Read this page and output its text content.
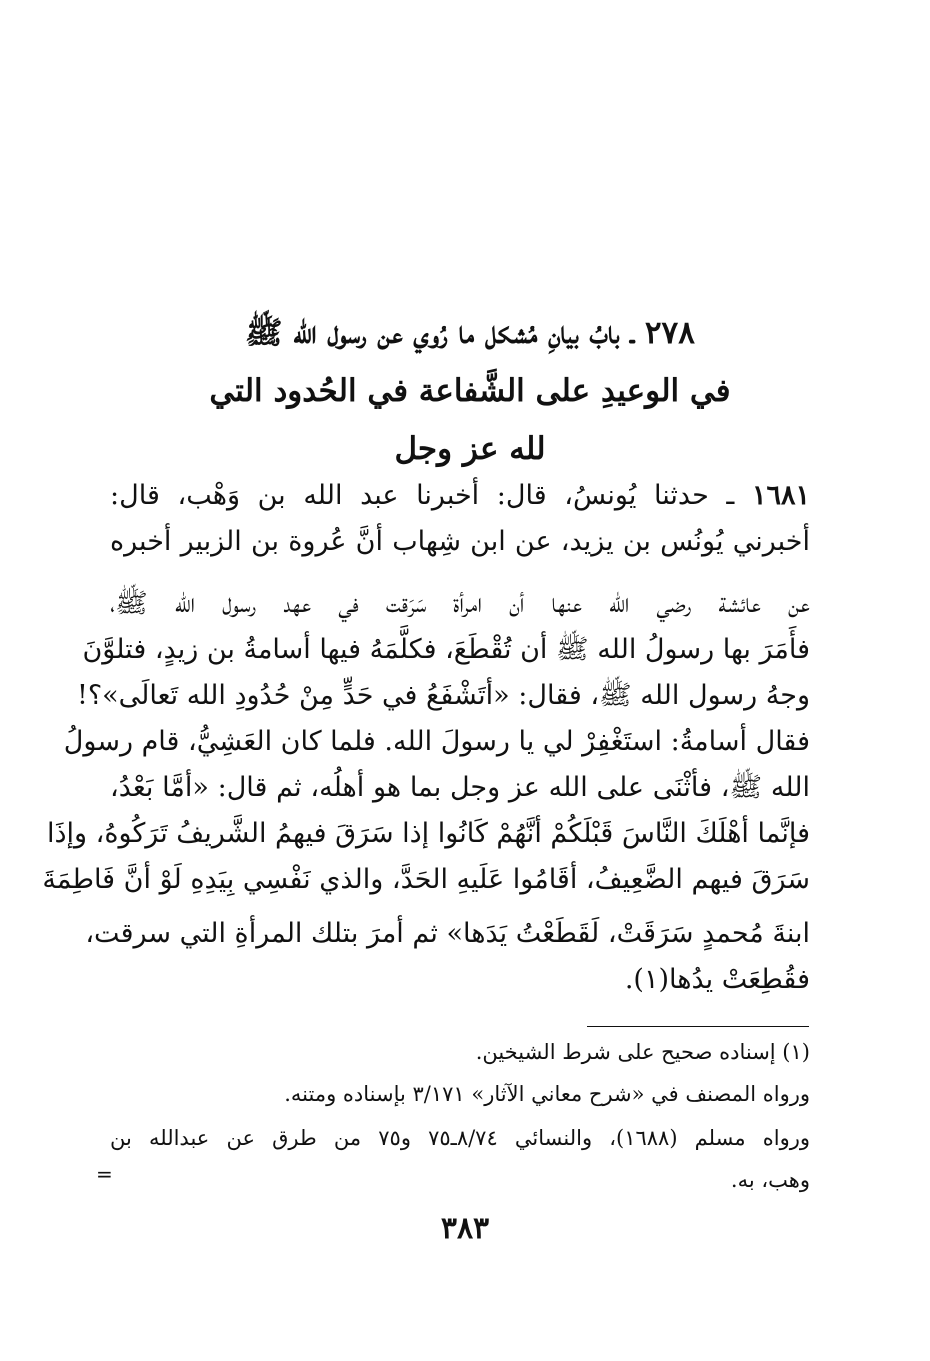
٢٧٨ ـ بابُ بيانِ مُشكل ما رُوي عن رسول الله ﷺ
في الوعيدِ على الشَّفاعة في الحُدود التي
لله عز وجل
١٦٨١ ـ حدثنا يُونسُ، قال: أخبرنا عبد الله بن وَهْب، قال:
أخبرني يُونُس بن يزيد، عن ابن شِهاب أنَّ عُروة بن الزبير أخبره
عن عائشة رضي الله عنها أن امرأة سَرَقت في عهد رسول الله ﷺ،
فأَمَرَ بها رسولُ الله ﷺ أن تُقْطَعَ، فكلَّمَهُ فيها أسامةُ بن زيدٍ، فتلوَّنَ
وجهُ رسول الله ﷺ، فقال: «أتَشْفَعُ في حَدٍّ مِنْ حُدُودِ الله تَعالَى»؟!
فقال أسامةُ: استَغْفِرْ لي يا رسولَ الله. فلما كان العَشِيُّ، قام رسولُ
الله ﷺ، فأثْنَى على الله عز وجل بما هو أهلُه، ثم قال: «أمَّا بَعْدُ،
فإنَّما أهْلَكَ النَّاسَ قَبْلَكُمْ أنَّهُمْ كَانُوا إذا سَرَقَ فيهمُ الشَّريفُ تَرَكُوهُ، وإذَا
سَرَقَ فيهم الضَّعِيفُ، أقَامُوا عَلَيهِ الحَدَّ، والذي نَفْسِي بِيَدِهِ لَوْ أنَّ فَاطِمَةَ
ابنةَ مُحمدٍ سَرَقَتْ، لَقَطَعْتُ يَدَها» ثم أمرَ بتلك المرأةِ التي سرقت،
فقُطِعَتْ يدُها(١).
(١) إسناده صحيح على شرط الشيخين.
ورواه المصنف في «شرح معاني الآثار» ٣/١٧١ بإسناده ومتنه.
ورواه مسلم (١٦٨٨)، والنسائي ٨/٧٤ـ٧٥ و٧٥ من طرق عن عبدالله بن
وهب، به.
=
٣٨٣
